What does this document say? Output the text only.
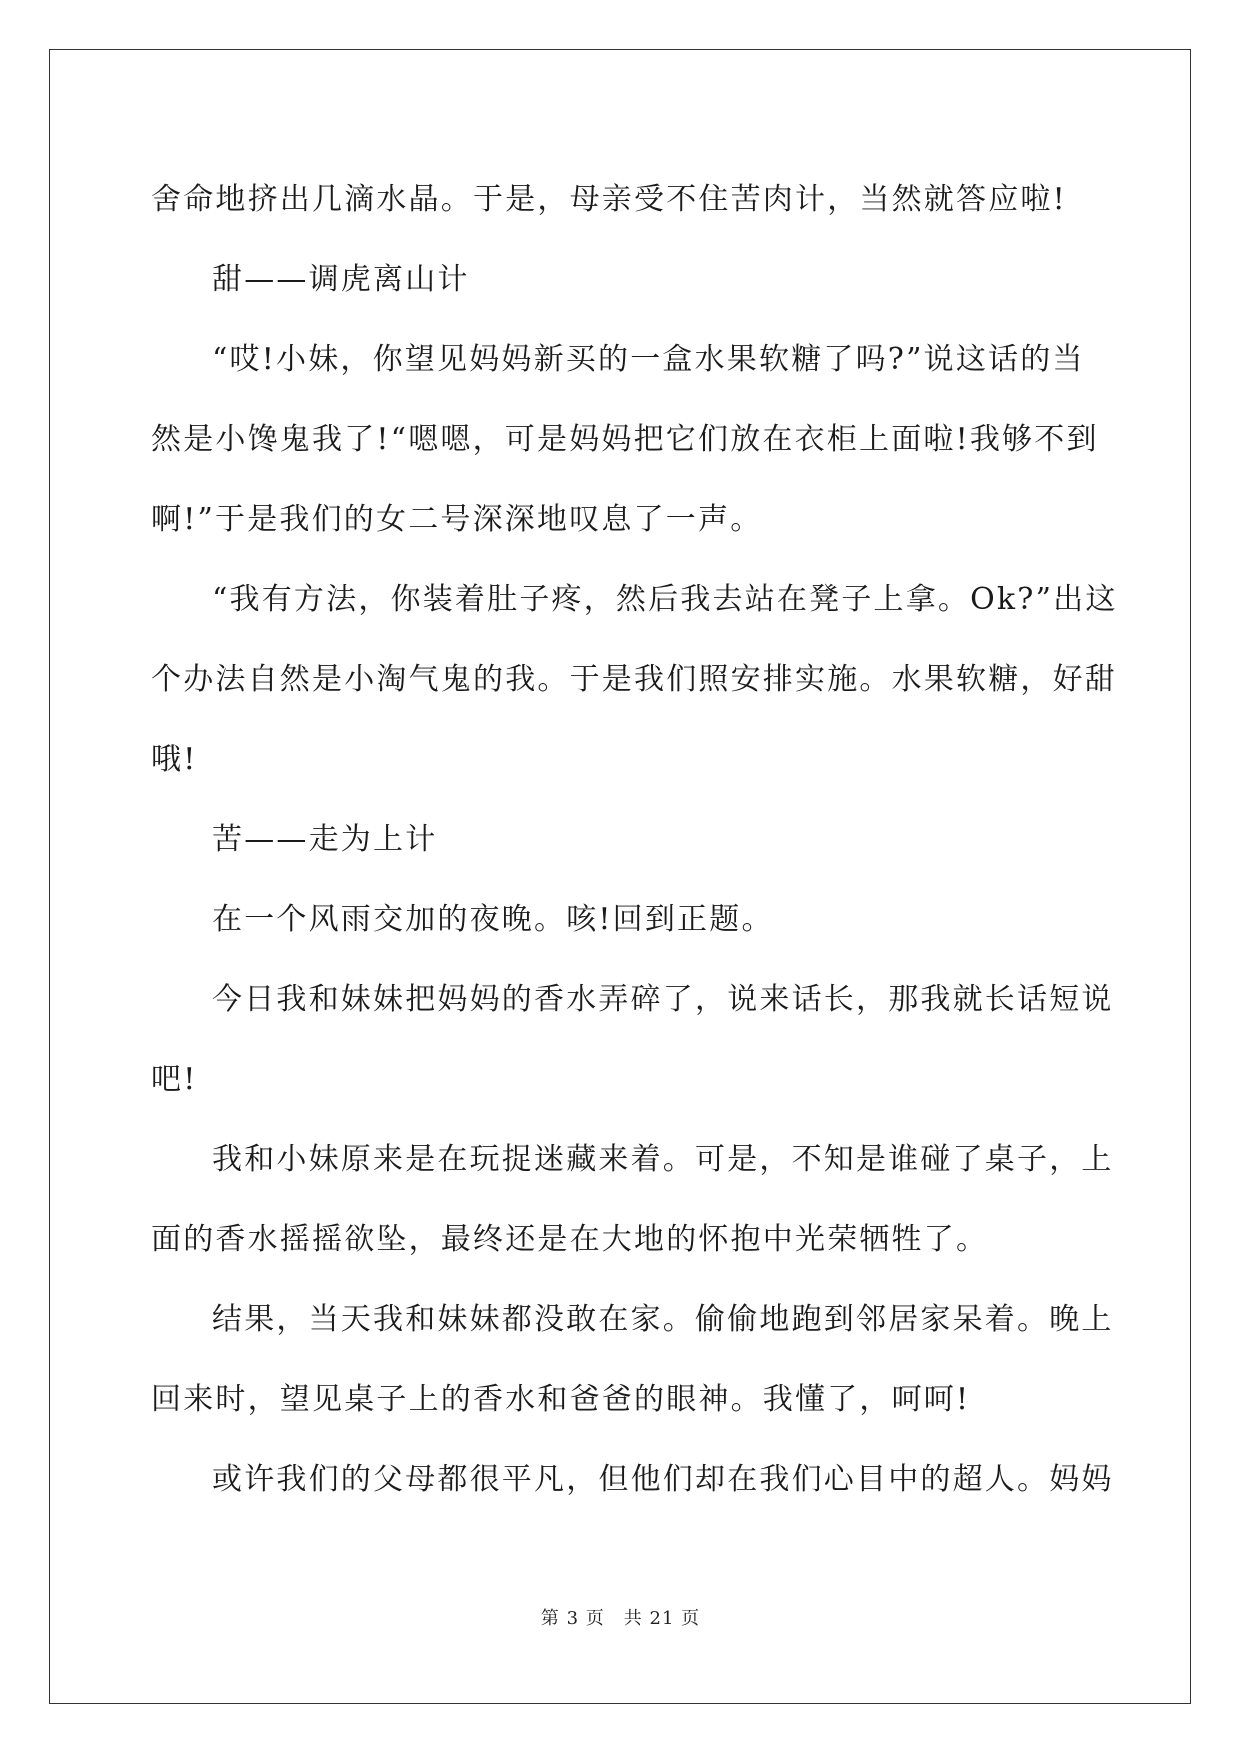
舍命地挤出几滴水晶。于是，母亲受不住苦肉计，当然就答应啦!

甜——调虎离山计

“哎!小妹，你望见妈妈新买的一盒水果软糖了吗?”说这话的当

然是小馋鬼我了!“嗯嗯，可是妈妈把它们放在衣柜上面啦!我够不到

啊!”于是我们的女二号深深地叹息了一声。

“我有方法，你装着肚子疼，然后我去站在凳子上拿。Ok?”出这

个办法自然是小淘气鬼的我。于是我们照安排实施。水果软糖，好甜

哦!

苦——走为上计

在一个风雨交加的夜晚。咳!回到正题。

今日我和妹妹把妈妈的香水弄碎了，说来话长，那我就长话短说

吧!

我和小妹原来是在玩捉迷藏来着。可是，不知是谁碰了桌子，上

面的香水摇摇欲坠，最终还是在大地的怀抱中光荣牺牲了。

结果，当天我和妹妹都没敢在家。偷偷地跑到邻居家呆着。晚上

回来时，望见桌子上的香水和爸爸的眼神。我懂了，呵呵!

或许我们的父母都很平凡，但他们却在我们心目中的超人。妈妈

第 3 页　共 21 页
